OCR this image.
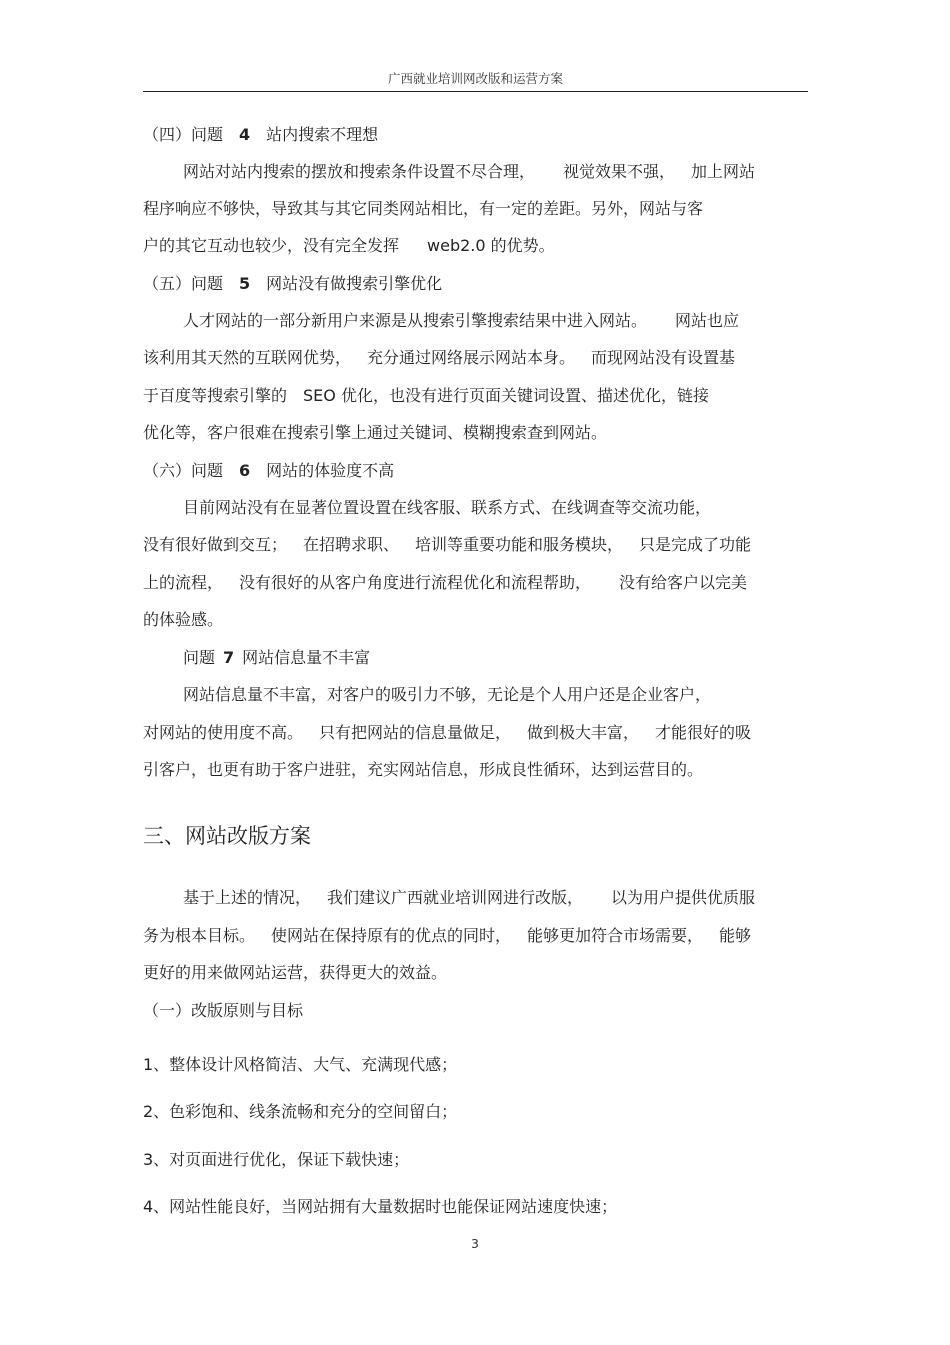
广西就业培训网改版和运营方案
（四）问题 4 站内搜索不理想
网站对站内搜索的摆放和搜索条件设置不尽合理， 视觉效果不强， 加上网站
程序响应不够快，导致其与其它同类网站相比，有一定的差距。另外，网站与客
户的其它互动也较少，没有完全发挥 web2.0 的优势。
（五）问题 5 网站没有做搜索引擎优化
人才网站的一部分新用户来源是从搜索引擎搜索结果中进入网站。 网站也应
该利用其天然的互联网优势， 充分通过网络展示网站本身。 而现网站没有设置基
于百度等搜索引擎的 SEO 优化，也没有进行页面关键词设置、描述优化，链接
优化等，客户很难在搜索引擎上通过关键词、模糊搜索查到网站。
（六）问题 6 网站的体验度不高
目前网站没有在显著位置设置在线客服、联系方式、在线调查等交流功能，
没有很好做到交互； 在招聘求职、 培训等重要功能和服务模块， 只是完成了功能
上的流程， 没有很好的从客户角度进行流程优化和流程帮助， 没有给客户以完美
的体验感。
问题 7 网站信息量不丰富
网站信息量不丰富，对客户的吸引力不够，无论是个人用户还是企业客户，
对网站的使用度不高。 只有把网站的信息量做足， 做到极大丰富， 才能很好的吸
引客户，也更有助于客户进驻，充实网站信息，形成良性循环，达到运营目的。
三、网站改版方案
基于上述的情况， 我们建议广西就业培训网进行改版， 以为用户提供优质服
务为根本目标。 使网站在保持原有的优点的同时， 能够更加符合市场需要， 能够
更好的用来做网站运营，获得更大的效益。
（一）改版原则与目标
1、整体设计风格简洁、大气、充满现代感；
2、色彩饱和、线条流畅和充分的空间留白；
3、对页面进行优化，保证下载快速；
4、网站性能良好，当网站拥有大量数据时也能保证网站速度快速；
3
